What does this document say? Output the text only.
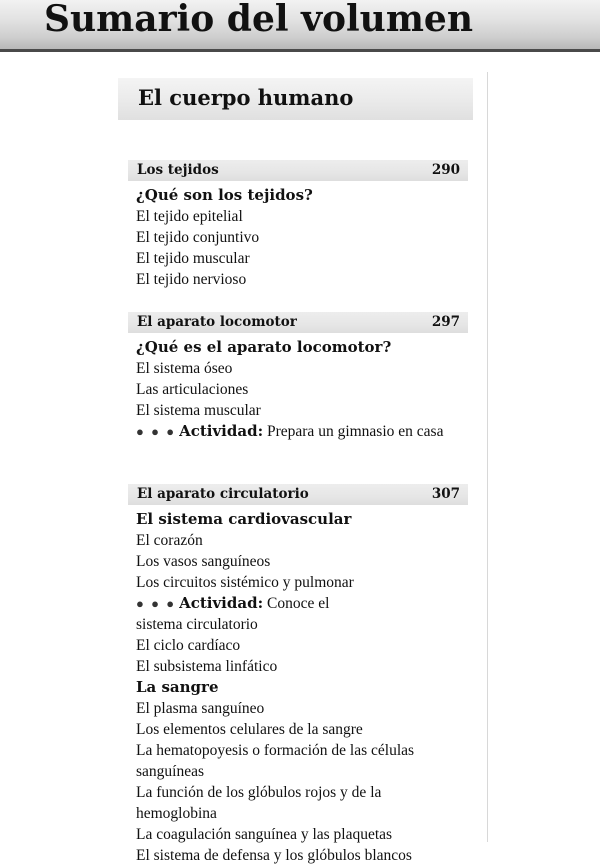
Sumario del volumen
El cuerpo humano
Los tejidos	290
¿Qué son los tejidos?
El tejido epitelial
El tejido conjuntivo
El tejido muscular
El tejido nervioso
El aparato locomotor	297
¿Qué es el aparato locomotor?
El sistema óseo
Las articulaciones
El sistema muscular
● ● ● Actividad: Prepara un gimnasio en casa
El aparato circulatorio	307
El sistema cardiovascular
El corazón
Los vasos sanguíneos
Los circuitos sistémico y pulmonar
● ● ● Actividad: Conoce el sistema circulatorio
El ciclo cardíaco
El subsistema linfático
La sangre
El plasma sanguíneo
Los elementos celulares de la sangre
La hematopoyesis o formación de las células sanguíneas
La función de los glóbulos rojos y de la hemoglobina
La coagulación sanguínea y las plaquetas
El sistema de defensa y los glóbulos blancos
